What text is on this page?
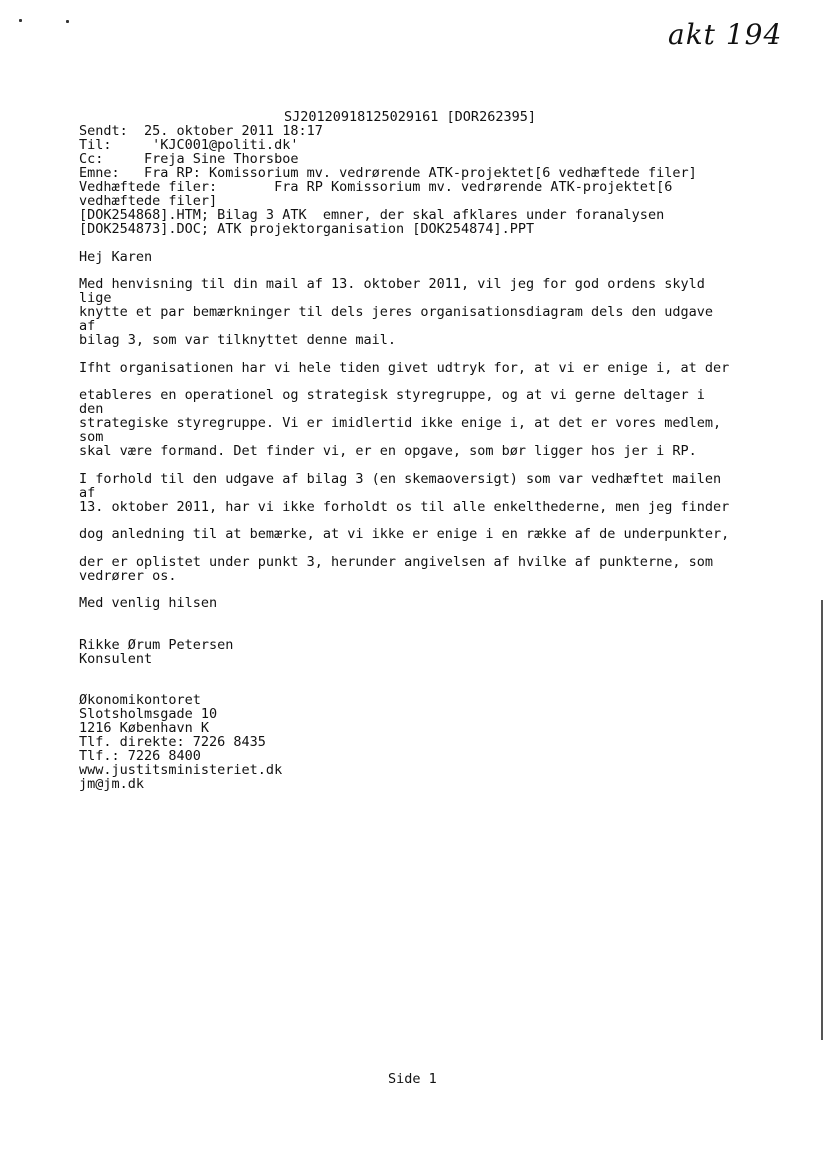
akt 194
SJ20120918125029161 [DOR262395]
Sendt:  25. oktober 2011 18:17
Til:     'KJC001@politi.dk'
Cc:     Freja Sine Thorsboe
Emne:   Fra RP: Komissorium mv. vedrørende ATK-projektet[6 vedhæftede filer]
Vedhæftede filer:       Fra RP Komissorium mv. vedrørende ATK-projektet[6
vedhæftede filer]
[DOK254868].HTM; Bilag 3 ATK  emner, der skal afklares under foranalysen
[DOK254873].DOC; ATK projektorganisation [DOK254874].PPT
Hej Karen
Med henvisning til din mail af 13. oktober 2011, vil jeg for god ordens skyld
lige
knytte et par bemærkninger til dels jeres organisationsdiagram dels den udgave
af
bilag 3, som var tilknyttet denne mail.
Ifht organisationen har vi hele tiden givet udtryk for, at vi er enige i, at der
etableres en operationel og strategisk styregruppe, og at vi gerne deltager i
den
strategiske styregruppe. Vi er imidlertid ikke enige i, at det er vores medlem,
som
skal være formand. Det finder vi, er en opgave, som bør ligger hos jer i RP.
I forhold til den udgave af bilag 3 (en skemaoversigt) som var vedhæftet mailen
af
13. oktober 2011, har vi ikke forholdt os til alle enkelthederne, men jeg finder
dog anledning til at bemærke, at vi ikke er enige i en række af de underpunkter,
der er oplistet under punkt 3, herunder angivelsen af hvilke af punkterne, som
vedrører os.
Med venlig hilsen
Rikke Ørum Petersen
Konsulent
Økonomikontoret
Slotsholmsgade 10
1216 København K
Tlf. direkte: 7226 8435
Tlf.: 7226 8400
www.justitsministeriet.dk
jm@jm.dk
Side 1
